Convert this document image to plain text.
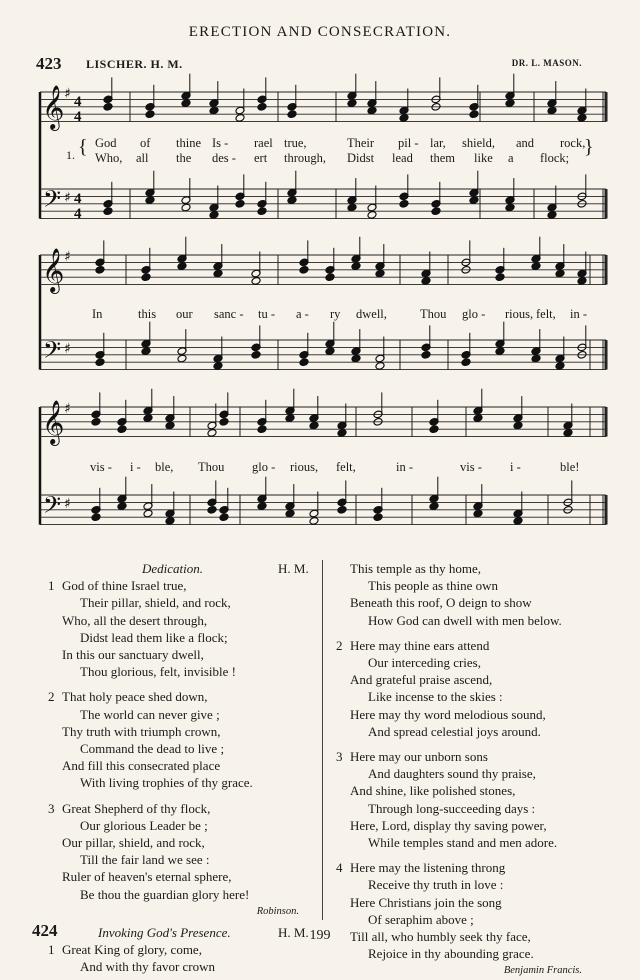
ERECTION AND CONSECRATION.
423 LISCHER. H. M.	DR. L. MASON.
𝄞
𝄢
♯
♯
4
4
4
4
𝄞
𝄢
♯
♯
𝄞
𝄢
♯
♯
1. {	}
God of thine Is - rael true,	Their pil - lar, shield, and rock,
Who, all the des - ert through, Didst lead them like a flock;
In	this our sanc - tu - a - ry dwell,	Thou glo - rious, felt, in -
vis - i - ble, Thou glo - rious, felt,	in -	vis - i -	ble!
Dedication.	H. M.
God of thine Israel true,
1
Their pillar, shield, and rock,
Who, all the desert through,
Didst lead them like a flock;
In this our sanctuary dwell,
Thou glorious, felt, invisible !
That holy peace shed down,
2
The world can never give ;
Thy truth with triumph crown,
Command the dead to live ;
And fill this consecrated place
With living trophies of thy grace.
Great Shepherd of thy flock,
3
Our glorious Leader be ;
Our pillar, shield, and rock,
Till the fair land we see :
Ruler of heaven's eternal sphere,
Be thou the guardian glory here!
Robinson.
424	Invoking God's Presence.	H. M.
Great King of glory, come,
1
And with thy favor crown
This temple as thy home,
This people as thine own
Beneath this roof, O deign to show
How God can dwell with men below.
Here may thine ears attend
2
Our interceding cries,
And grateful praise ascend,
Like incense to the skies :
Here may thy word melodious sound,
And spread celestial joys around.
Here may our unborn sons
3
And daughters sound thy praise,
And shine, like polished stones,
Through long-succeeding days :
Here, Lord, display thy saving power,
While temples stand and men adore.
Here may the listening throng
4
Receive thy truth in love :
Here Christians join the song
Of seraphim above ;
Till all, who humbly seek thy face,
Rejoice in thy abounding grace.
Benjamin Francis.
199
